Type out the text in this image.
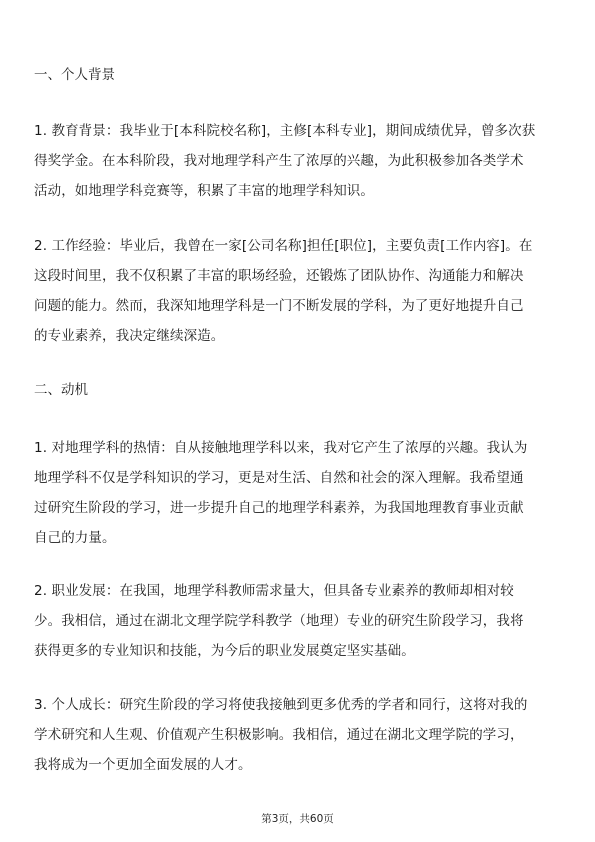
一、个人背景
1. 教育背景：我毕业于[本科院校名称]，主修[本科专业]，期间成绩优异，曾多次获
得奖学金。在本科阶段，我对地理学科产生了浓厚的兴趣，为此积极参加各类学术
活动，如地理学科竞赛等，积累了丰富的地理学科知识。
2. 工作经验：毕业后，我曾在一家[公司名称]担任[职位]，主要负责[工作内容]。在
这段时间里，我不仅积累了丰富的职场经验，还锻炼了团队协作、沟通能力和解决
问题的能力。然而，我深知地理学科是一门不断发展的学科，为了更好地提升自己
的专业素养，我决定继续深造。
二、动机
1. 对地理学科的热情：自从接触地理学科以来，我对它产生了浓厚的兴趣。我认为
地理学科不仅是学科知识的学习，更是对生活、自然和社会的深入理解。我希望通
过研究生阶段的学习，进一步提升自己的地理学科素养，为我国地理教育事业贡献
自己的力量。
2. 职业发展：在我国，地理学科教师需求量大，但具备专业素养的教师却相对较
少。我相信，通过在湖北文理学院学科教学（地理）专业的研究生阶段学习，我将
获得更多的专业知识和技能，为今后的职业发展奠定坚实基础。
3. 个人成长：研究生阶段的学习将使我接触到更多优秀的学者和同行，这将对我的
学术研究和人生观、价值观产生积极影响。我相信，通过在湖北文理学院的学习，
我将成为一个更加全面发展的人才。
第3页，共60页
